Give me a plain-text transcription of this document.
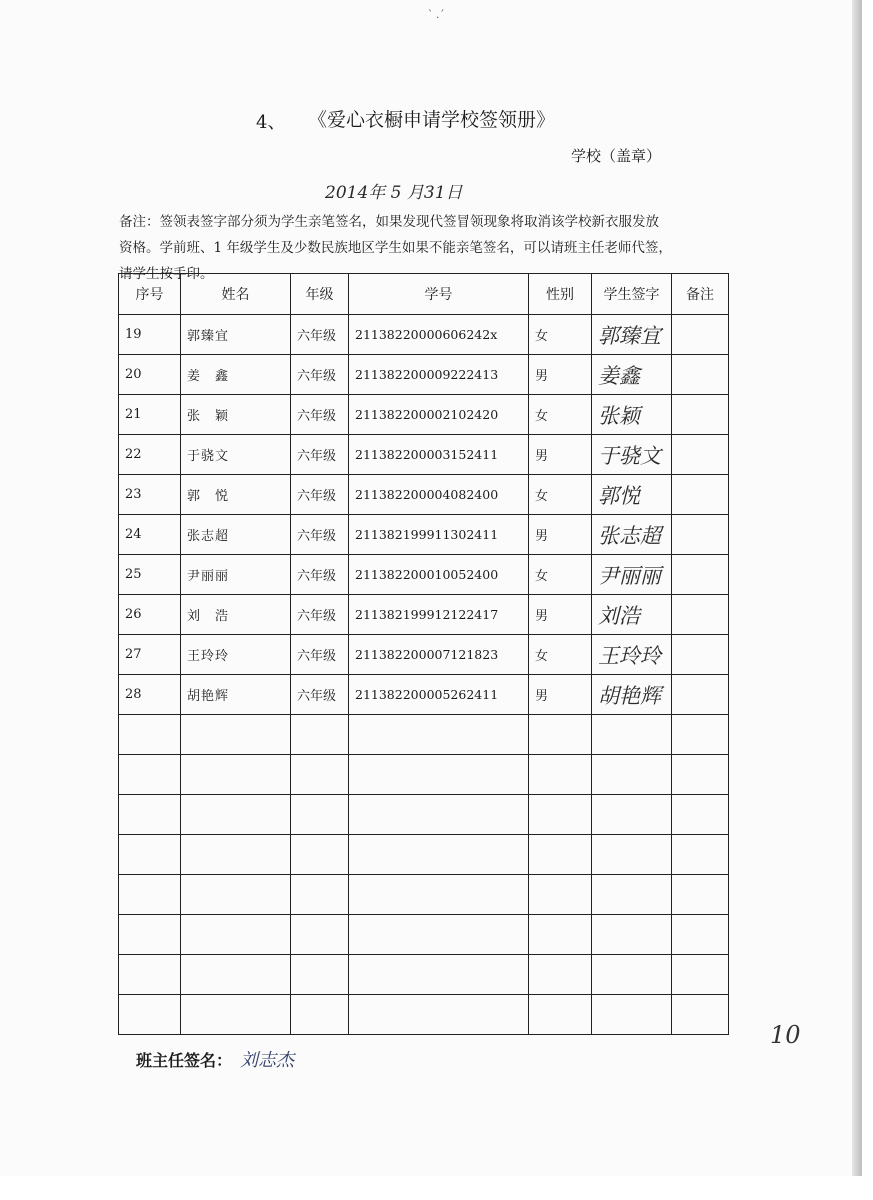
ˋ .ˊ
4、 《爱心衣橱申请学校签领册》
学校（盖章）
2014年 5 月31日
备注：签领表签字部分须为学生亲笔签名，如果发现代签冒领现象将取消该学校新衣服发放
资格。学前班、1 年级学生及少数民族地区学生如果不能亲笔签名，可以请班主任老师代签，
请学生按手印。
序号	姓名	年级	学号	性别	学生签字	备注
19	郭臻宜	六年级	21138220000606242x	女	郭臻宜	
20	姜　鑫	六年级	211382200009222413	男	姜鑫	
21	张　颖	六年级	211382200002102420	女	张颖	
22	于骁文	六年级	211382200003152411	男	于骁文	
23	郭　悦	六年级	211382200004082400	女	郭悦	
24	张志超	六年级	211382199911302411	男	张志超	
25	尹丽丽	六年级	211382200010052400	女	尹丽丽	
26	刘　浩	六年级	211382199912122417	男	刘浩	
27	王玲玲	六年级	211382200007121823	女	王玲玲	
28	胡艳辉	六年级	211382200005262411	男	胡艳辉	

班主任签名： 刘志杰
10
